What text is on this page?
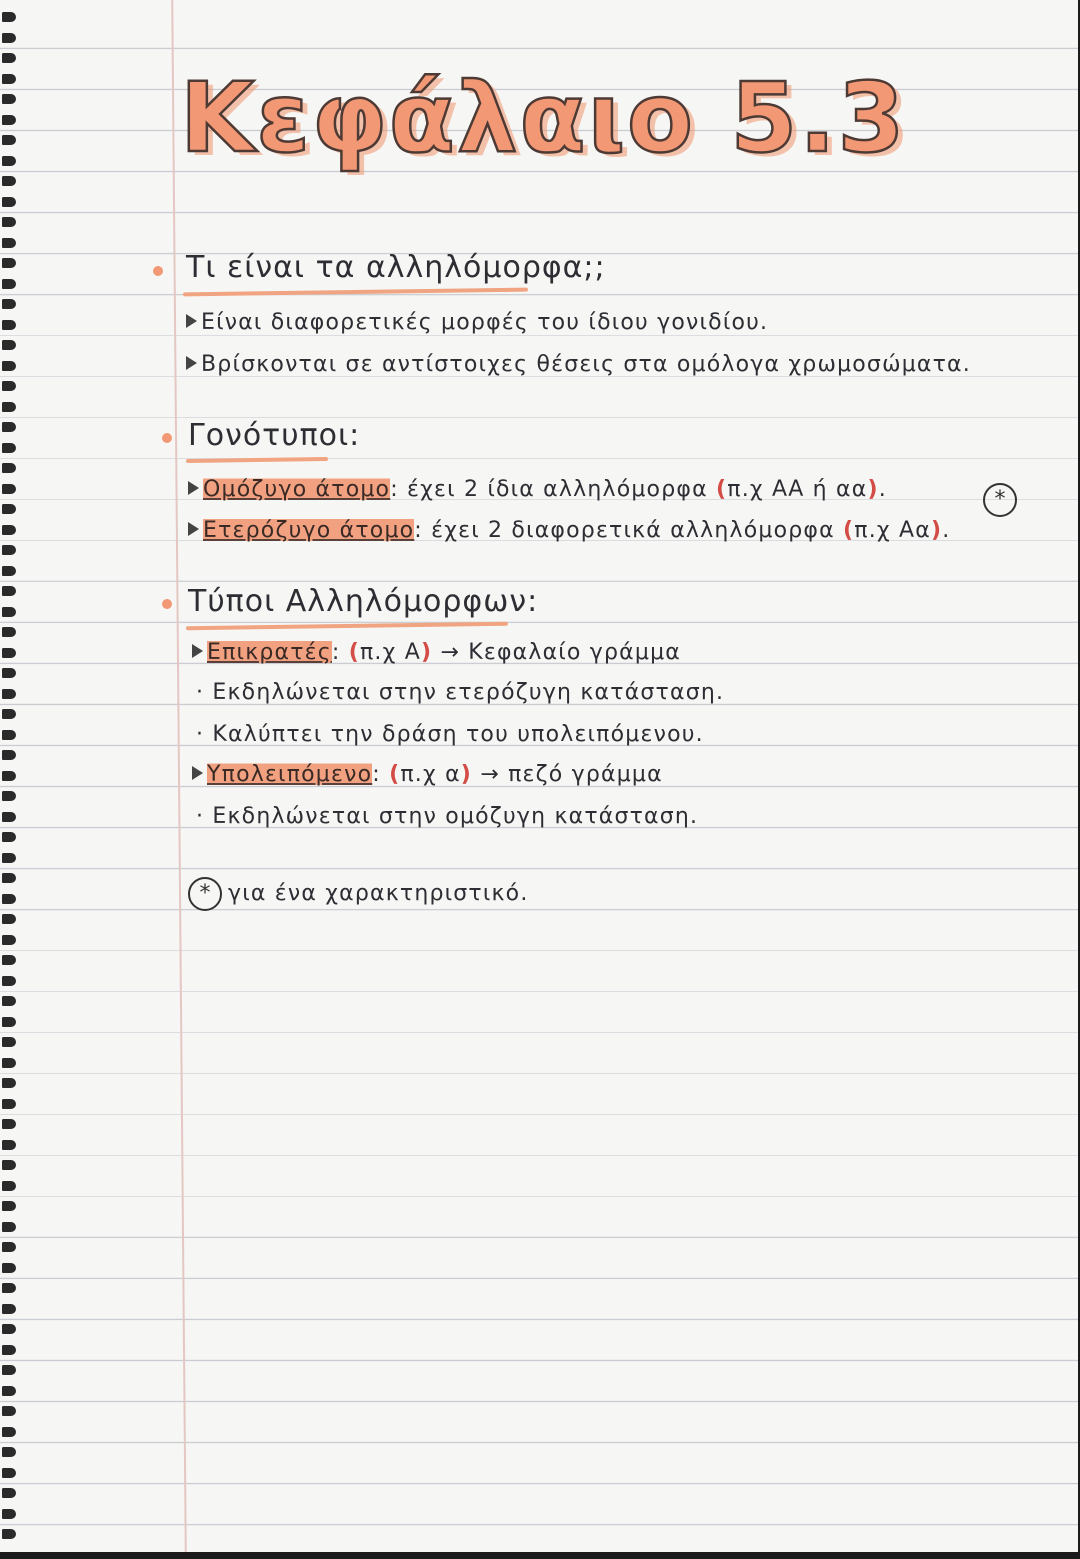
Κεφάλαιο 5.3
Τι είναι τα αλληλόμορφα;;
Είναι διαφορετικές μορφές του ίδιου γονιδίου.
Βρίσκονται σε αντίστοιχες θέσεις στα ομόλογα χρωμοσώματα.
Γονότυποι:
Ομόζυγο άτομο: έχει 2 ίδια αλληλόμορφα (π.χ ΑΑ ή αα).	*
Ετερόζυγο άτομο: έχει 2 διαφορετικά αλληλόμορφα (π.χ Αα).
Τύποι Αλληλόμορφων:
Επικρατές: (π.χ Α) → Κεφαλαίο γράμμα
· Εκδηλώνεται στην ετερόζυγη κατάσταση.
· Καλύπτει την δράση του υπολειπόμενου.
Υπολειπόμενο: (π.χ α) → πεζό γράμμα
· Εκδηλώνεται στην ομόζυγη κατάσταση.
* για ένα χαρακτηριστικό.
